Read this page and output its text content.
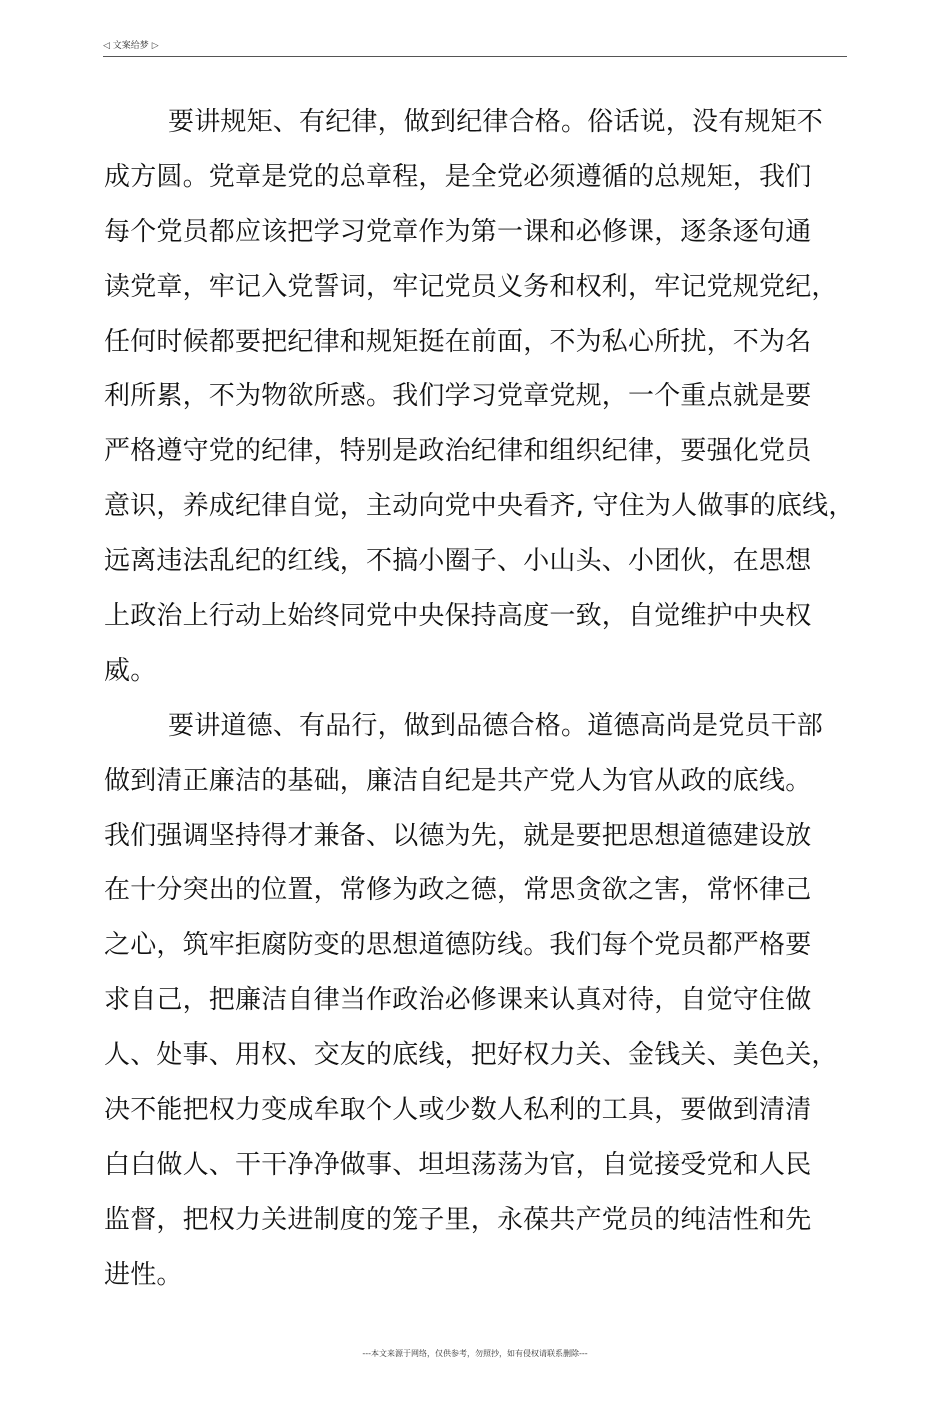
◁ 文案给梦 ▷
要讲规矩、有纪律，做到纪律合格。俗话说，没有规矩不
成方圆。党章是党的总章程，是全党必须遵循的总规矩，我们
每个党员都应该把学习党章作为第一课和必修课，逐条逐句通
读党章，牢记入党誓词，牢记党员义务和权利，牢记党规党纪，
任何时候都要把纪律和规矩挺在前面，不为私心所扰，不为名
利所累，不为物欲所惑。我们学习党章党规，一个重点就是要
严格遵守党的纪律，特别是政治纪律和组织纪律，要强化党员
意识，养成纪律自觉，主动向党中央看齐, 守住为人做事的底线，
远离违法乱纪的红线，不搞小圈子、小山头、小团伙，在思想
上政治上行动上始终同党中央保持高度一致，自觉维护中央权
威。
要讲道德、有品行，做到品德合格。道德高尚是党员干部
做到清正廉洁的基础，廉洁自纪是共产党人为官从政的底线。
我们强调坚持得才兼备、以德为先，就是要把思想道德建设放
在十分突出的位置，常修为政之德，常思贪欲之害，常怀律己
之心，筑牢拒腐防变的思想道德防线。我们每个党员都严格要
求自己，把廉洁自律当作政治必修课来认真对待，自觉守住做
人、处事、用权、交友的底线，把好权力关、金钱关、美色关，
决不能把权力变成牟取个人或少数人私利的工具，要做到清清
白白做人、干干净净做事、坦坦荡荡为官，自觉接受党和人民
监督，把权力关进制度的笼子里，永葆共产党员的纯洁性和先
进性。
---本文来源于网络，仅供参考，勿照抄，如有侵权请联系删除---
